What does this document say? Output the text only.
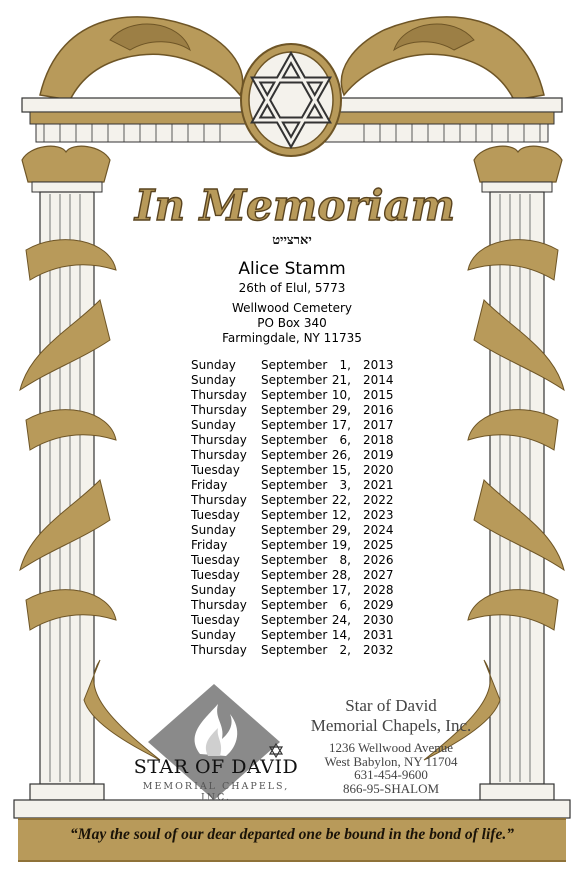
In Memoriam
יארצייט
Alice Stamm
26th of Elul, 5773
Wellwood Cemetery
PO Box 340
Farmingdale, NY 11735
Sunday September	1, 2013
Sunday September 21, 2014
Thursday September 10, 2015
Thursday September 29, 2016
Sunday September 17, 2017
Thursday September	6, 2018
Thursday September 26, 2019
Tuesday September 15, 2020
Friday	September	3, 2021
Thursday September 22, 2022
Tuesday September 12, 2023
Sunday September 29, 2024
Friday	September 19, 2025
Tuesday September	8, 2026
Tuesday September 28, 2027
Sunday September 17, 2028
Thursday September	6, 2029
Tuesday September 24, 2030
Sunday September 14, 2031
Thursday September	2, 2032
STAR OF DAVID
MEMORIAL CHAPELS, INC.
Star of David
Memorial Chapels, Inc.
1236 Wellwood Avenue
West Babylon, NY 11704
631-454-9600
866-95-SHALOM
“May the soul of our dear departed one be bound in the bond of life.”
